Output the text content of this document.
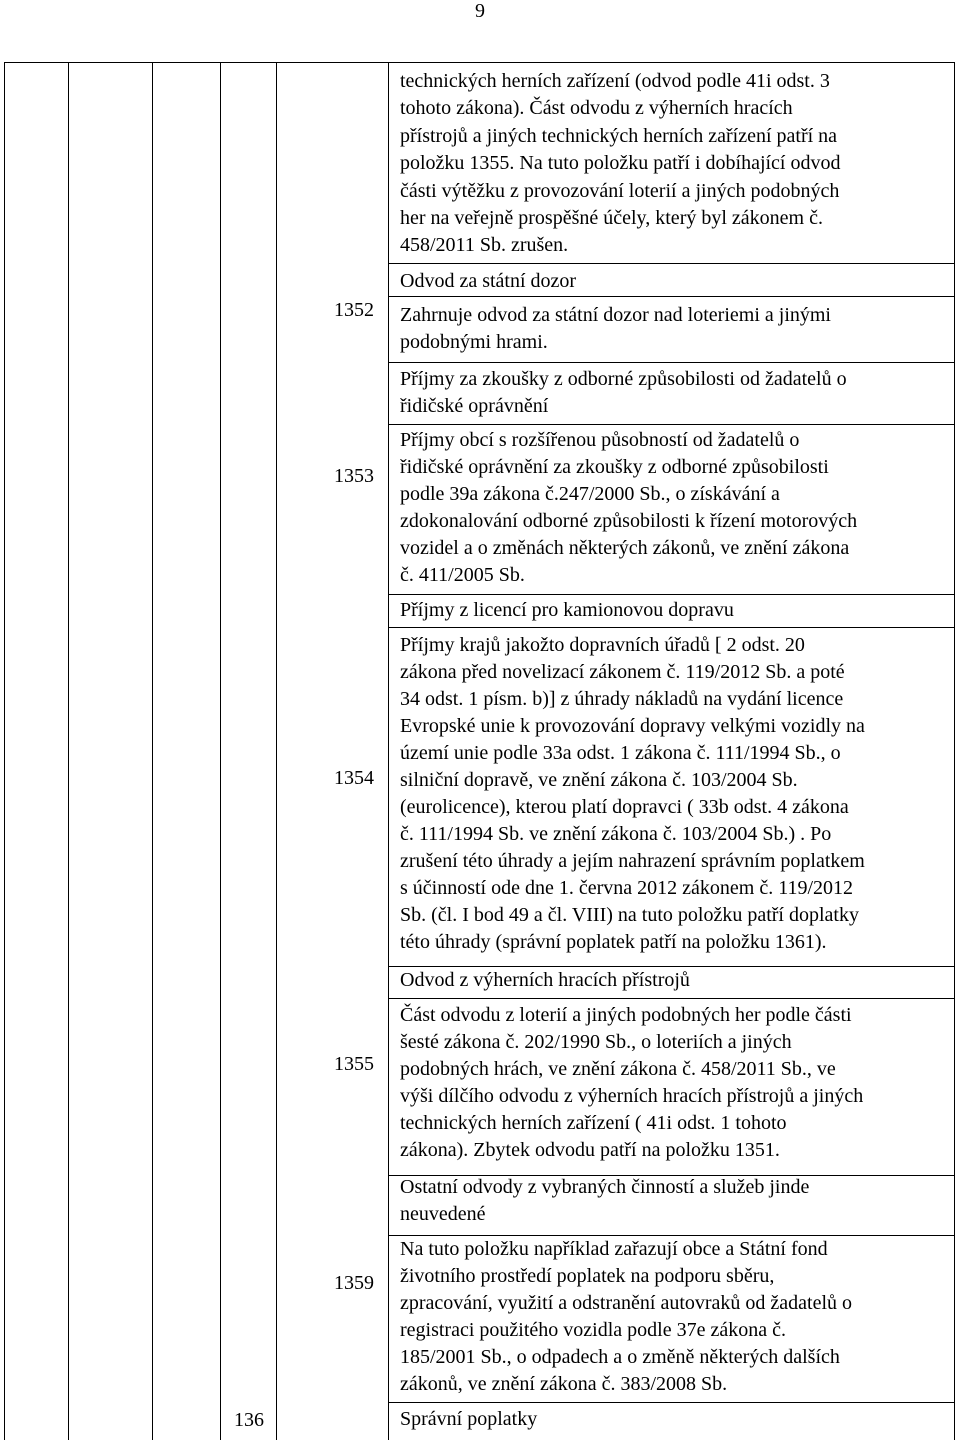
9
technických herních zařízení (odvod podle 41i odst. 3
tohoto zákona). Část odvodu z výherních hracích
přístrojů a jiných technických herních zařízení patří na
položku 1355. Na tuto položku patří i dobíhající odvod
části výtěžku z provozování loterií a jiných podobných
her na veřejně prospěšné účely, který byl zákonem č.
458/2011 Sb. zrušen.
1352
Odvod za státní dozor
Zahrnuje odvod za státní dozor nad loteriemi a jinými
podobnými hrami.
1353
Příjmy za zkoušky z odborné způsobilosti od žadatelů o
řidičské oprávnění
Příjmy obcí s rozšířenou působností od žadatelů o
řidičské oprávnění za zkoušky z odborné způsobilosti
podle 39a zákona č.247/2000 Sb., o získávání a
zdokonalování odborné způsobilosti k řízení motorových
vozidel a o změnách některých zákonů, ve znění zákona
č. 411/2005 Sb.
1354
Příjmy z licencí pro kamionovou dopravu
Příjmy krajů jakožto dopravních úřadů [ 2 odst. 20
zákona před novelizací zákonem č. 119/2012 Sb. a poté
34 odst. 1 písm. b)] z úhrady nákladů na vydání licence
Evropské unie k provozování dopravy velkými vozidly na
území unie podle 33a odst. 1 zákona č. 111/1994 Sb., o
silniční dopravě, ve znění zákona č. 103/2004 Sb.
(eurolicence), kterou platí dopravci ( 33b odst. 4 zákona
č. 111/1994 Sb. ve znění zákona č. 103/2004 Sb.) . Po
zrušení této úhrady a jejím nahrazení správním poplatkem
s účinností ode dne 1. června 2012 zákonem č. 119/2012
Sb. (čl. I bod 49 a čl. VIII) na tuto položku patří doplatky
této úhrady (správní poplatek patří na položku 1361).
1355
Odvod z výherních hracích přístrojů
Část odvodu z loterií a jiných podobných her podle části
šesté zákona č. 202/1990 Sb., o loteriích a jiných
podobných hrách, ve znění zákona č. 458/2011 Sb., ve
výši dílčího odvodu z výherních hracích přístrojů a jiných
technických herních zařízení ( 41i odst. 1 tohoto
zákona). Zbytek odvodu patří na položku 1351.
1359
Ostatní odvody z vybraných činností a služeb jinde
neuvedené
Na tuto položku například zařazují obce a Státní fond
životního prostředí poplatek na podporu sběru,
zpracování, využití a odstranění autovraků od žadatelů o
registraci použitého vozidla podle 37e zákona č.
185/2001 Sb., o odpadech a o změně některých dalších
zákonů, ve znění zákona č. 383/2008 Sb.
136	Správní poplatky
